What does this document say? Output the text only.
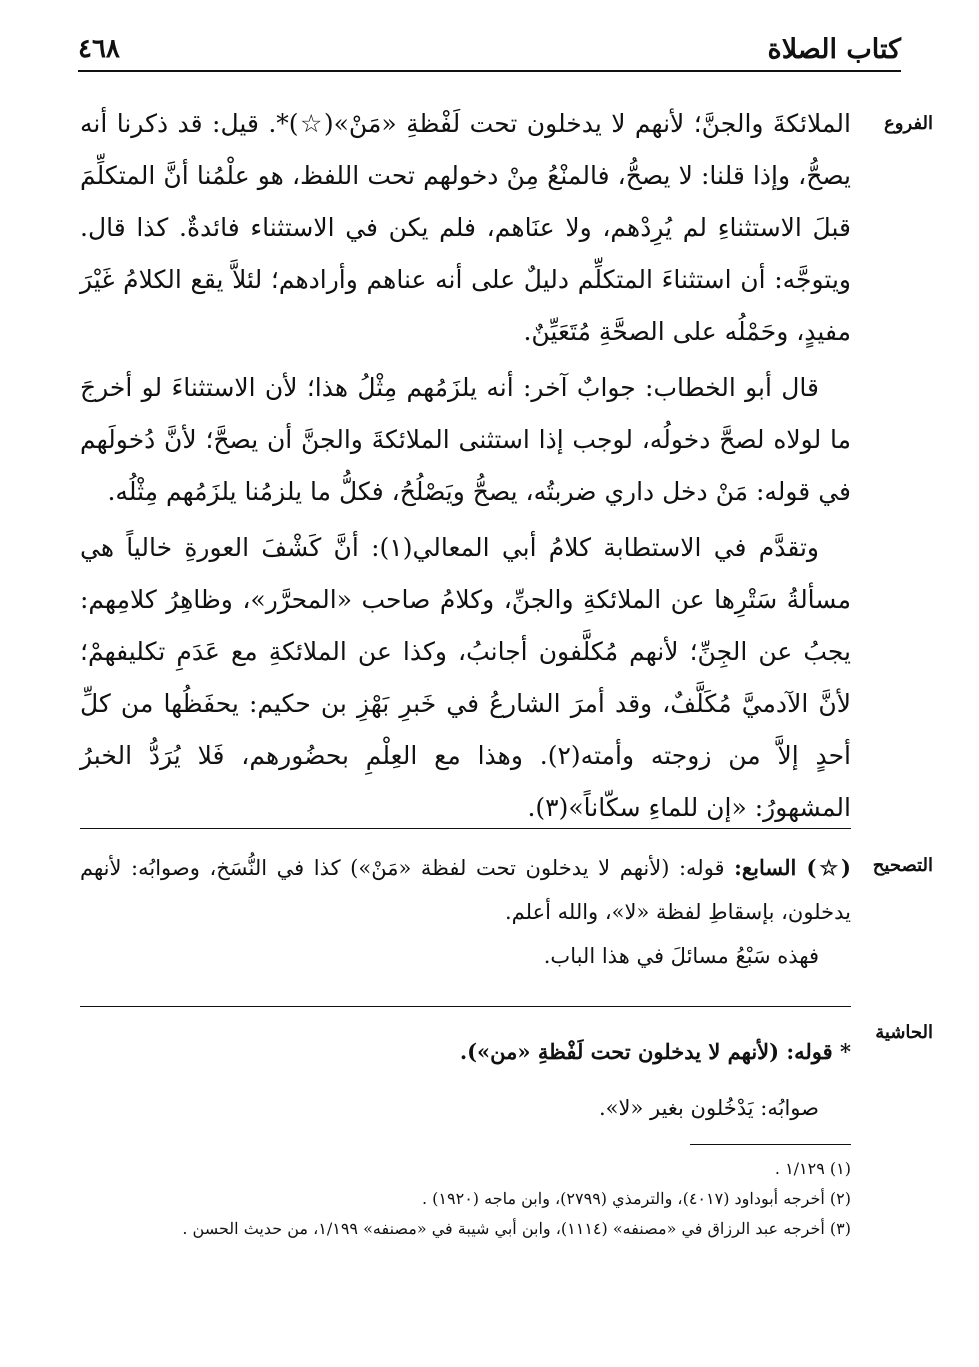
كتاب الصلاة
٤٦٨
الفروع
التصحيح
الحاشية

الملائكةَ والجنَّ؛ لأنهم لا يدخلون تحت لَفْظةِ «مَنْ»(☆)*. قيل: قد ذكرنا أنه يصحُّ، وإذا قلنا: لا يصحُّ، فالمنْعُ مِنْ دخولهم تحت اللفظ، هو علْمُنا أنَّ المتكلِّمَ قبلَ الاستثناءِ لم يُرِدْهم، ولا عنَاهم، فلم يكن في الاستثناء فائدةٌ. كذا قال. ويتوجَّه: أن استثناءَ المتكلِّم دليلٌ على أنه عناهم وأرادهم؛ لئلاَّ يقع الكلامُ غَيْرَ مفيدٍ، وحَمْلُه على الصحَّةِ مُتَعَيِّنٌ.

قال أبو الخطاب: جوابٌ آخر: أنه يلزَمُهم مِثْلُ هذا؛ لأن الاستثناءَ لو أخرجَ ما لولاه لصحَّ دخولُه، لوجب إذا استثنى الملائكةَ والجنَّ أن يصحَّ؛ لأنَّ دُخولَهم في قوله: مَنْ دخل داري ضربتُه، يصحُّ ويَصْلُحُ، فكلُّ ما يلزمُنا يلزَمُهم مِثْلُه.

وتقدَّم في الاستطابة كلامُ أبي المعالي(١): أنَّ كَشْفَ العورةِ خالياً هي مسألةُ سَتْرِها عن الملائكةِ والجنِّ، وكلامُ صاحب «المحرَّر»، وظاهِرُ كلامِهم: يجبُ عن الجِنِّ؛ لأنهم مُكلَّفون أجانبُ، وكذا عن الملائكةِ مع عَدَمِ تكليفهمْ؛ لأنَّ الآدميَّ مُكَلَّفٌ، وقد أمرَ الشارعُ في خَبرِ بَهْزِ بن حكيم: يحفَظُها من كلِّ أحدٍ إلاَّ من زوجته وأمته(٢). وهذا مع العِلْمِ بحضُورهم، فَلا يُرَدُّ الخبرُ المشهورُ: «إن للماءِ سكّاناً»(٣).

(☆) السابع: قوله: (لأنهم لا يدخلون تحت لفظة «مَنْ») كذا في النُّسَخ، وصوابُه: لأنهم يدخلون، بإسقاطِ لفظة «لا»، والله أعلم.

فهذه سَبْعُ مسائلَ في هذا الباب.

* قوله: (لأنهم لا يدخلون تحت لَفْظةِ «من»).

صوابُه: يَدْخُلون بغير «لا».

(١) ١/١٢٩ .
(٢) أخرجه أبوداود (٤٠١٧)، والترمذي (٢٧٩٩)، وابن ماجه (١٩٢٠) .
(٣) أخرجه عبد الرزاق في «مصنفه» (١١١٤)، وابن أبي شيبة في «مصنفه» ١/١٩٩، من حديث الحسن .
